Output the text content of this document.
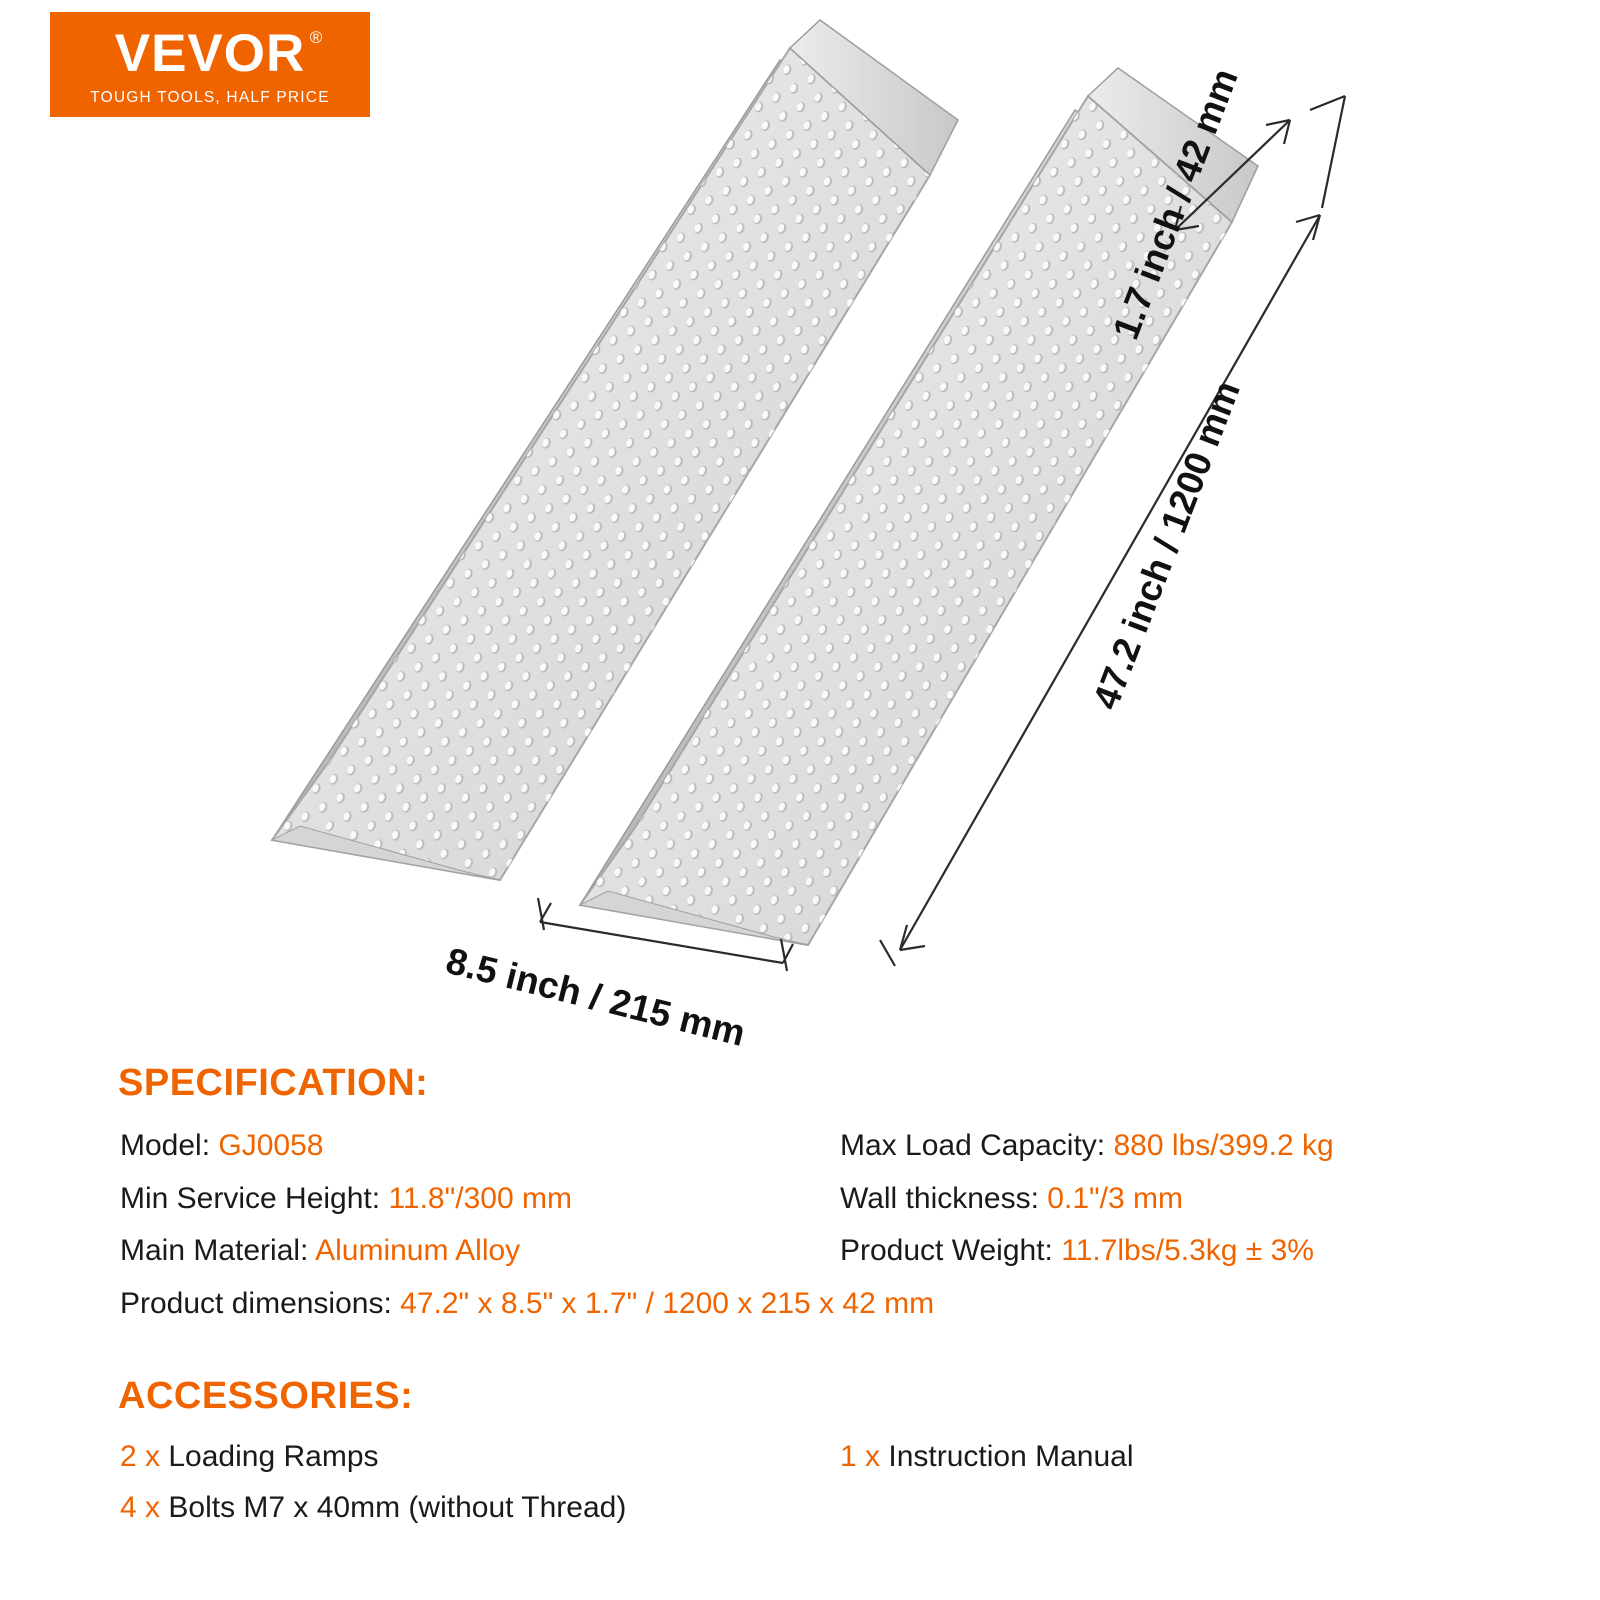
VEVOR ®
TOUGH TOOLS, HALF PRICE
8.5 inch / 215 mm
47.2 inch / 1200 mm
1.7 inch / 42 mm
SPECIFICATION:
Model: GJ0058	Max Load Capacity: 880 lbs/399.2 kg
Min Service Height: 11.8"/300 mm	Wall thickness: 0.1"/3 mm
Main Material: Aluminum Alloy	Product Weight: 11.7lbs/5.3kg ± 3%
Product dimensions: 47.2" x 8.5" x 1.7" / 1200 x 215 x 42 mm
ACCESSORIES:
2 x Loading Ramps	1 x Instruction Manual
4 x Bolts M7 x 40mm (without Thread)
